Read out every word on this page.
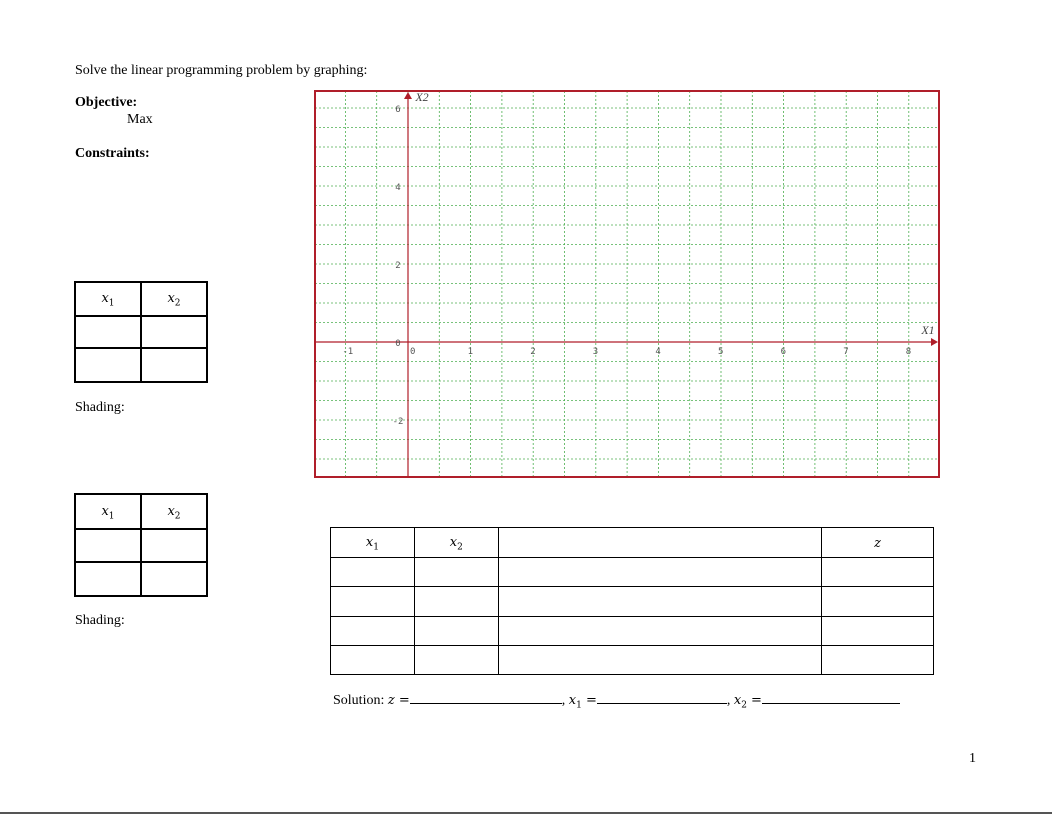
Solve the linear programming problem by graphing:
Objective:
Max
Constraints:
$x_1$	$x_2$

Shading:
$x_1$	$x_2$

Shading:
-1	0	1	2	3	4	5	6	7	8
6
4
2
0
-2
X1
X2
$x_1$	$x_2$		z

Solution: z =	, $x_1$ =	, $x_2$ =
1
